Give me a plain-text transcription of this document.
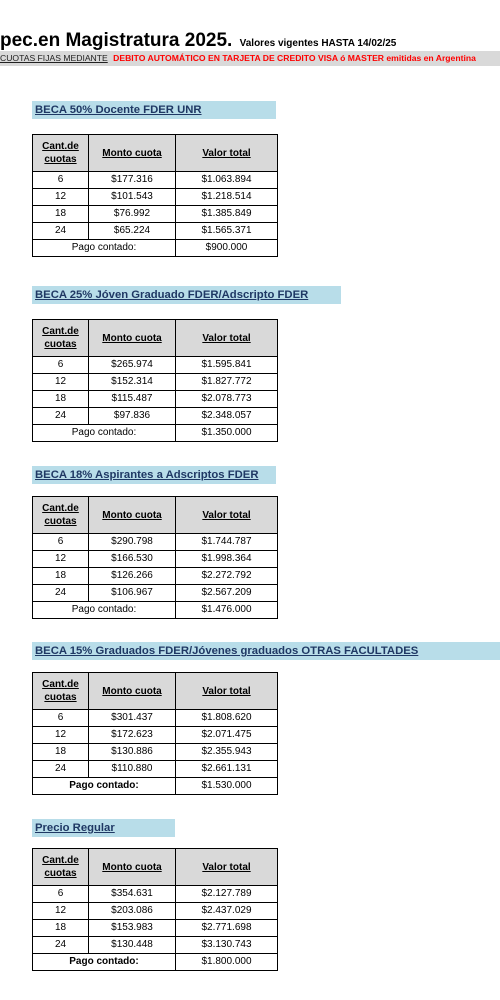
pec.en Magistratura 2025. Valores vigentes HASTA 14/02/25
CUOTAS FIJAS MEDIANTE DEBITO AUTOMÁTICO EN TARJETA DE CREDITO VISA ó MASTER emitidas en Argentina
BECA 50% Docente FDER UNR
Cant.de cuotas	Monto cuota	Valor total
6	$177.316	$1.063.894
12	$101.543	$1.218.514
18	$76.992	$1.385.849
24	$65.224	$1.565.371
Pago contado:		$900.000
BECA 25% Jóven Graduado FDER/Adscripto FDER
Cant.de cuotas	Monto cuota	Valor total
6	$265.974	$1.595.841
12	$152.314	$1.827.772
18	$115.487	$2.078.773
24	$97.836	$2.348.057
Pago contado:		$1.350.000
BECA 18% Aspirantes a Adscriptos FDER
Cant.de cuotas	Monto cuota	Valor total
6	$290.798	$1.744.787
12	$166.530	$1.998.364
18	$126.266	$2.272.792
24	$106.967	$2.567.209
Pago contado:		$1.476.000
BECA 15% Graduados FDER/Jóvenes graduados OTRAS FACULTADES
Cant.de cuotas	Monto cuota	Valor total
6	$301.437	$1.808.620
12	$172.623	$2.071.475
18	$130.886	$2.355.943
24	$110.880	$2.661.131
Pago contado:		$1.530.000
Precio Regular
Cant.de cuotas	Monto cuota	Valor total
6	$354.631	$2.127.789
12	$203.086	$2.437.029
18	$153.983	$2.771.698
24	$130.448	$3.130.743
Pago contado:		$1.800.000
